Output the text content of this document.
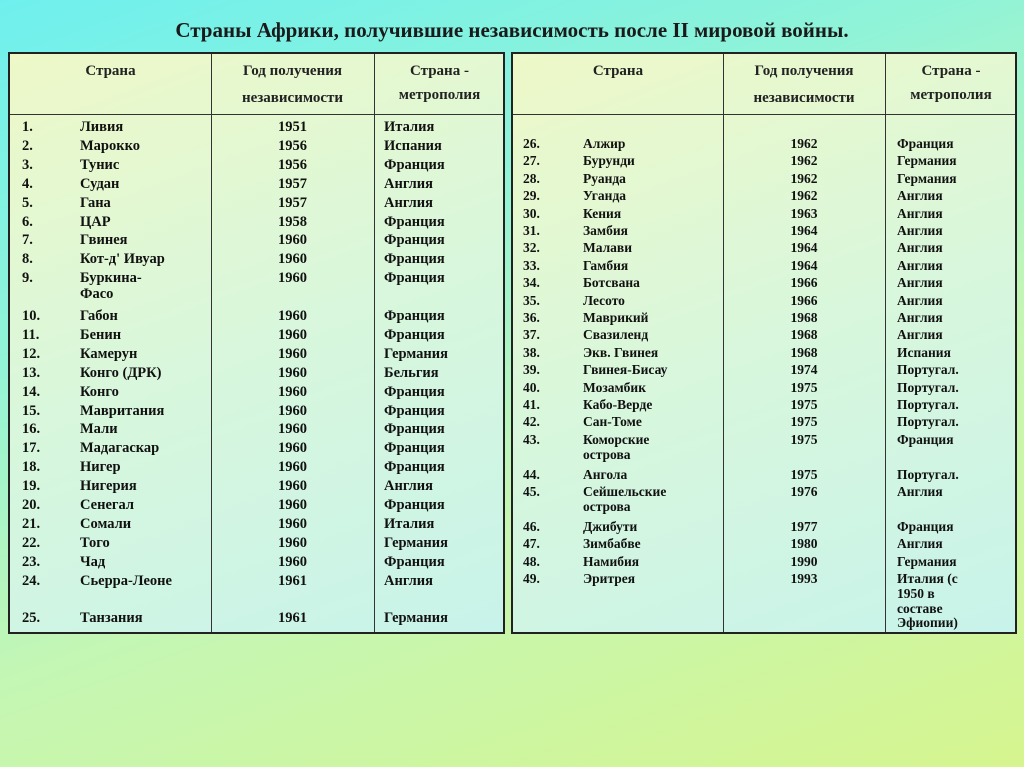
Страны Африки, получившие независимость после II мировой войны.
Страна	Год получения
независимости
Страна -
метрополия
1.	Ливия	1951	Италия
2.	Марокко	1956	Испания
3.	Тунис	1956	Франция
4.	Судан	1957	Англия
5.	Гана	1957	Англия
6.	ЦАР	1958	Франция
7.	Гвинея	1960	Франция
8.	Кот-д' Ивуар	1960	Франция
9.	Буркина-
Фасо
1960	Франция
10.	Габон	1960	Франция
11.	Бенин	1960	Франция
12.	Камерун	1960	Германия
13.	Конго (ДРК)	1960	Бельгия
14.	Конго	1960	Франция
15.	Мавритания	1960	Франция
16.	Мали	1960	Франция
17.	Мадагаскар	1960	Франция
18.	Нигер	1960	Франция
19.	Нигерия	1960	Англия
20.	Сенегал	1960	Франция
21.	Сомали	1960	Италия
22.	Того	1960	Германия
23.	Чад	1960	Франция
24.	Сьерра-Леоне	1961	Англия
25.	Танзания	1961	Германия
Страна	Год получения
независимости
Страна -
метрополия
26.	Алжир	1962	Франция
27.	Бурунди	1962	Германия
28.	Руанда	1962	Германия
29.	Уганда	1962	Англия
30.	Кения	1963	Англия
31.	Замбия	1964	Англия
32.	Малави	1964	Англия
33.	Гамбия	1964	Англия
34.	Ботсвана	1966	Англия
35.	Лесото	1966	Англия
36.	Маврикий	1968	Англия
37.	Свазиленд	1968	Англия
38.	Экв. Гвинея	1968	Испания
39.	Гвинея-Бисау	1974	Португал.
40.	Мозамбик	1975	Португал.
41.	Кабо-Верде	1975	Португал.
42.	Сан-Томе	1975	Португал.
43.	Коморские
острова
1975	Франция
44.	Ангола	1975	Португал.
45.	Сейшельские
острова
1976	Англия
46.	Джибути	1977	Франция
47.	Зимбабве	1980	Англия
48.	Намибия	1990	Германия
49.	Эритрея	1993	Италия (с
1950 в
составе
Эфиопии)
